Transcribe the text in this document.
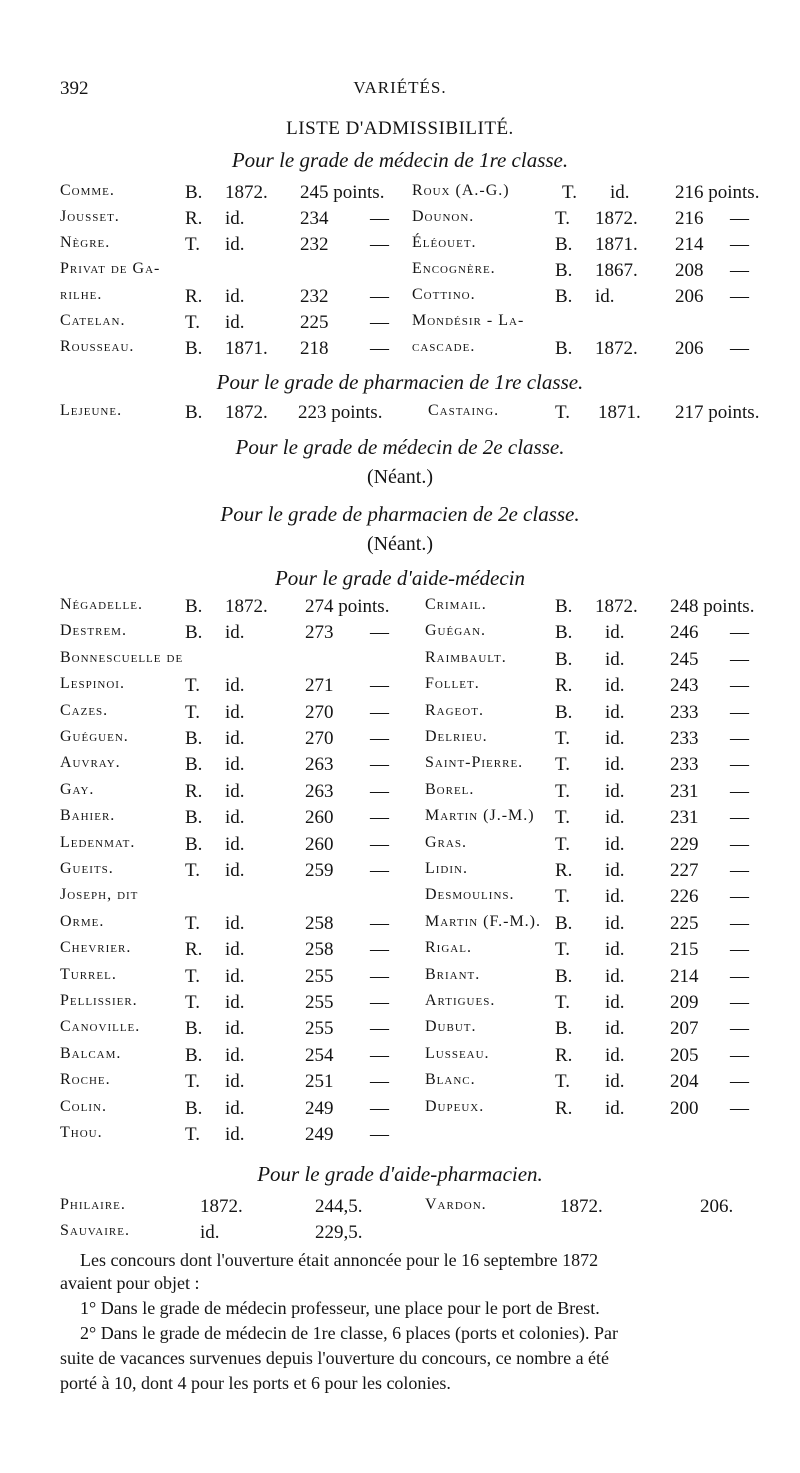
392	VARIÉTÉS.
LISTE D'ADMISSIBILITÉ.
Pour le grade de médecin de 1re classe.
Comme.	B. 1872. 245 points. Roux (A.-G.)	T. id. 216 points.
Jousset.	R. id.	234 — Dounon.	T. 1872. 216 —
Nègre.	T. id.	232 — Éléouet.	B. 1871. 214 —
Privat de Ga-	Encognère.	B. 1867. 208 —
rilhe.	R. id.	232 — Cottino.	B. id.	206 —
Catelan.	T. id.	225 — Mondésir - La-
Rousseau.	B. 1871. 218 — cascade.	B. 1872. 206 —
Pour le grade de pharmacien de 1re classe.
Lejeune.	B. 1872. 223 points.	Castaing.	T. 1871. 217 points.
Pour le grade de médecin de 2e classe.
(Néant.)
Pour le grade de pharmacien de 2e classe.
(Néant.)
Pour le grade d'aide-médecin
Négadelle. B. 1872. 274 points. Crimail.	B. 1872. 248 points.
Destrem.	B. id.	273 — Guégan.	B. id. 246 —
Bonnescuelle de	Raimbault.	B. id. 245 —
Lespinoi.	T. id.	271 — Follet.	R. id. 243 —
Cazes.	T. id.	270 — Rageot.	B. id. 233 —
Guéguen.	B. id.	270 — Delrieu.	T. id. 233 —
Auvray.	B. id.	263 — Saint-Pierre. T. id. 233 —
Gay.	R. id.	263 — Borel.	T. id. 231 —
Bahier.	B. id.	260 — Martin (J.-M.) T. id. 231 —
Ledenmat.	B. id.	260 — Gras.	T. id. 229 —
Gueits.	T. id.	259 — Lidin.	R. id. 227 —
Joseph, dit	Desmoulins. T. id. 226 —
Orme.	T. id.	258 — Martin (F.-M.). B. id. 225 —
Chevrier.	R. id.	258 — Rigal.	T. id. 215 —
Turrel.	T. id.	255 — Briant.	B. id. 214 —
Pellissier. T. id.	255 — Artigues.	T. id. 209 —
Canoville. B. id.	255 — Dubut.	B. id. 207 —
Balcam.	B. id.	254 — Lusseau.	R. id. 205 —
Roche.	T. id.	251 — Blanc.	T. id. 204 —
Colin.	B. id.	249 — Dupeux.	R. id. 200 —
Thou.	T. id.	249 —
Pour le grade d'aide-pharmacien.
Philaire.	1872.	244,5.	Vardon.	1872.	206.
Sauvaire.	id.	229,5.
Les concours dont l'ouverture était annoncée pour le 16 septembre 1872
avaient pour objet :
1° Dans le grade de médecin professeur, une place pour le port de Brest.
2° Dans le grade de médecin de 1re classe, 6 places (ports et colonies). Par
suite de vacances survenues depuis l'ouverture du concours, ce nombre a été
porté à 10, dont 4 pour les ports et 6 pour les colonies.
